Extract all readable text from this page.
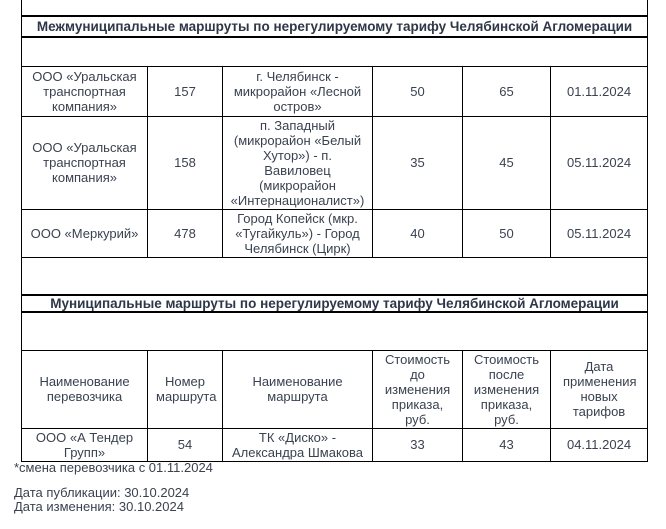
Межмуниципальные маршруты по нерегулируемому тарифу Челябинской Агломерации					

ООО «Уральская транспортная компания»	157	г. Челябинск - микрорайон «Лесной остров»	50	65	01.11.2024
ООО «Уральская транспортная компания»	158	п. Западный (микрорайон «Белый Хутор») - п. Вавиловец (микрорайон «Интернационалист»)	35	45	05.11.2024
ООО «Меркурий»	478	Город Копейск (мкр. «Тугайкуль») - Город Челябинск (Цирк)	40	50	05.11.2024

Муниципальные маршруты по нерегулируемому тарифу Челябинской Агломерации					

Наименование перевозчика	Номер маршрута	Наименование маршрута	Стоимость до изменения приказа, руб.	Стоимость после изменения приказа, руб.	Дата применения новых тарифов
ООО «А Тендер Групп»	54	ТК «Диско» - Александра Шмакова	33	43	04.11.2024
*смена перевозчика с 01.11.2024
Дата публикации: 30.10.2024
Дата изменения: 30.10.2024
